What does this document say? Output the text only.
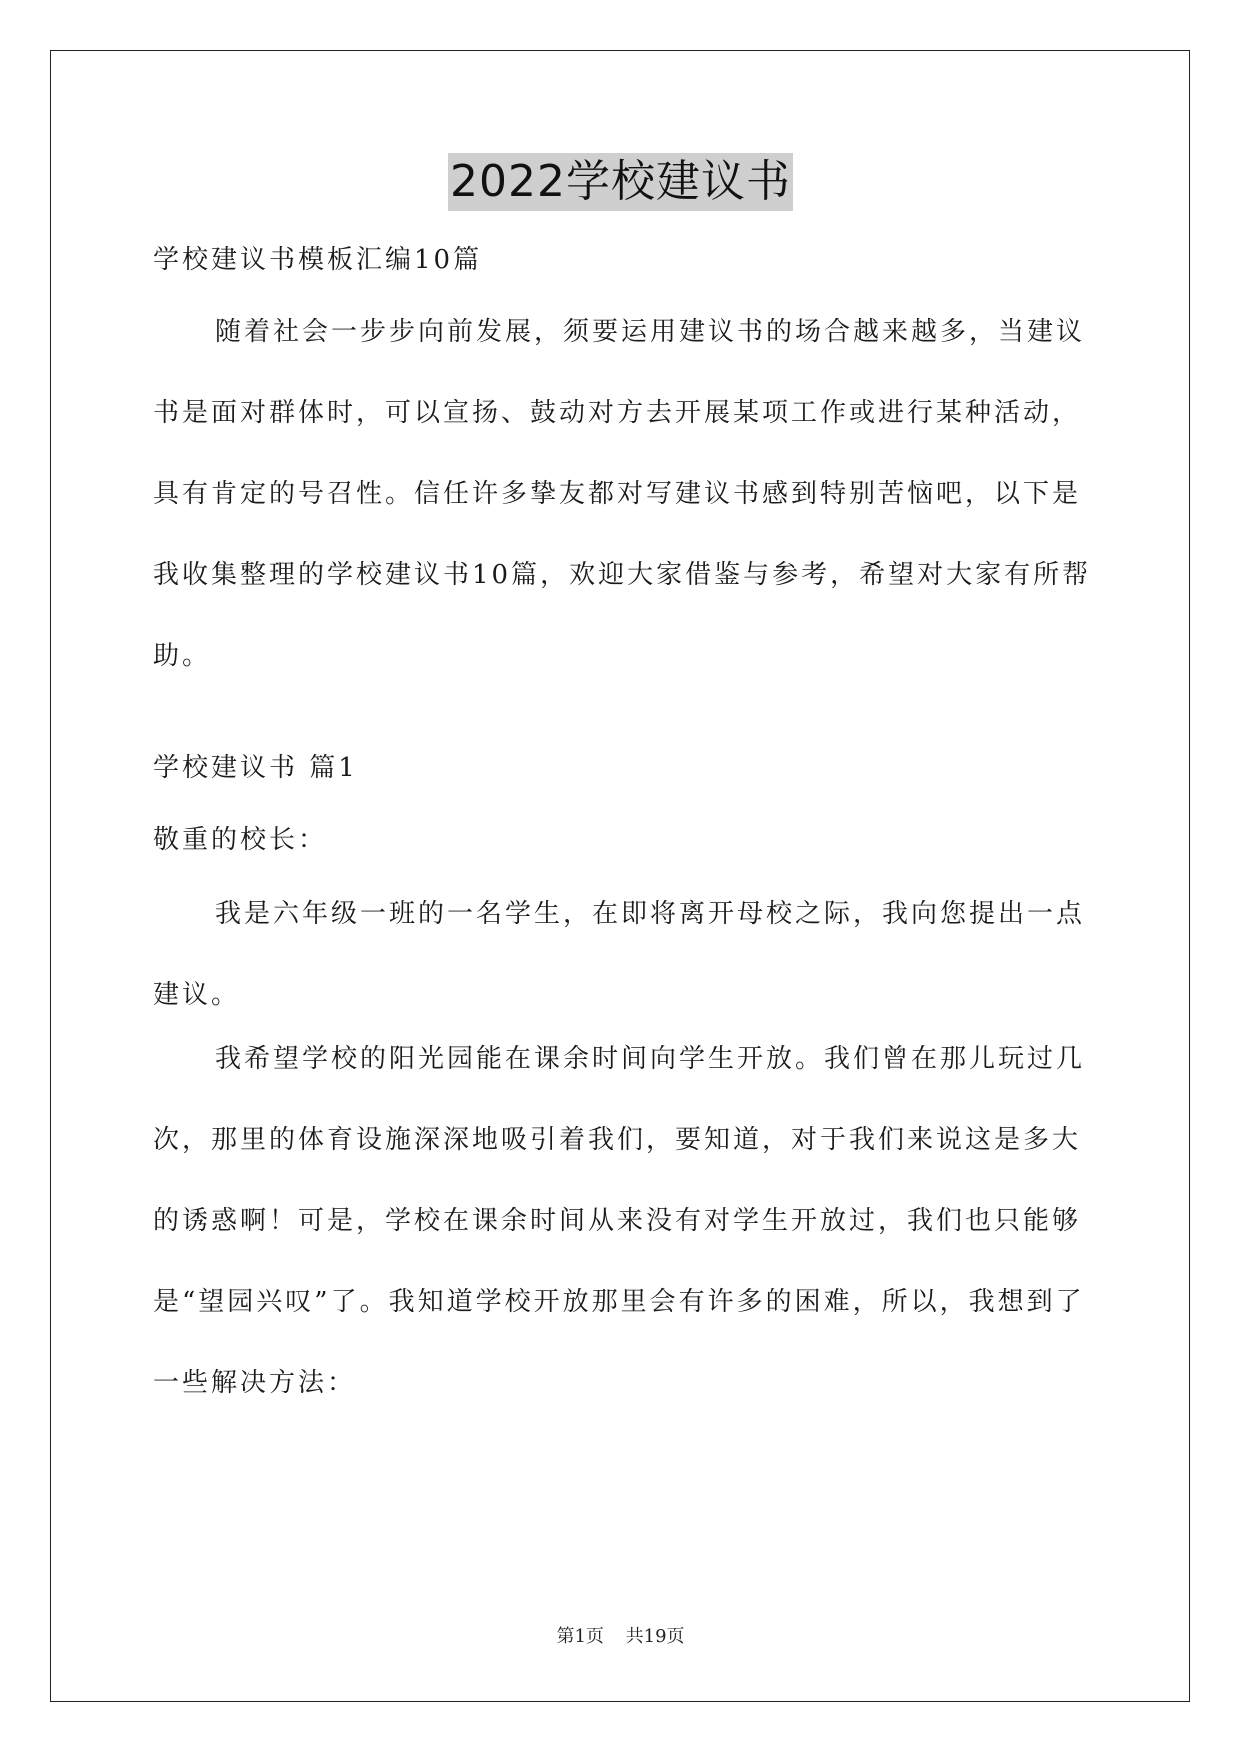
2022学校建议书
学校建议书模板汇编10篇
随着社会一步步向前发展，须要运用建议书的场合越来越多，当建议书是面对群体时，可以宣扬、鼓动对方去开展某项工作或进行某种活动，具有肯定的号召性。信任许多挚友都对写建议书感到特别苦恼吧，以下是我收集整理的学校建议书10篇，欢迎大家借鉴与参考，希望对大家有所帮助。
学校建议书 篇1
敬重的校长：
我是六年级一班的一名学生，在即将离开母校之际，我向您提出一点建议。
我希望学校的阳光园能在课余时间向学生开放。我们曾在那儿玩过几次，那里的体育设施深深地吸引着我们，要知道，对于我们来说这是多大的诱惑啊！可是，学校在课余时间从来没有对学生开放过，我们也只能够是“望园兴叹”了。我知道学校开放那里会有许多的困难，所以，我想到了一些解决方法：
第1页 共19页
